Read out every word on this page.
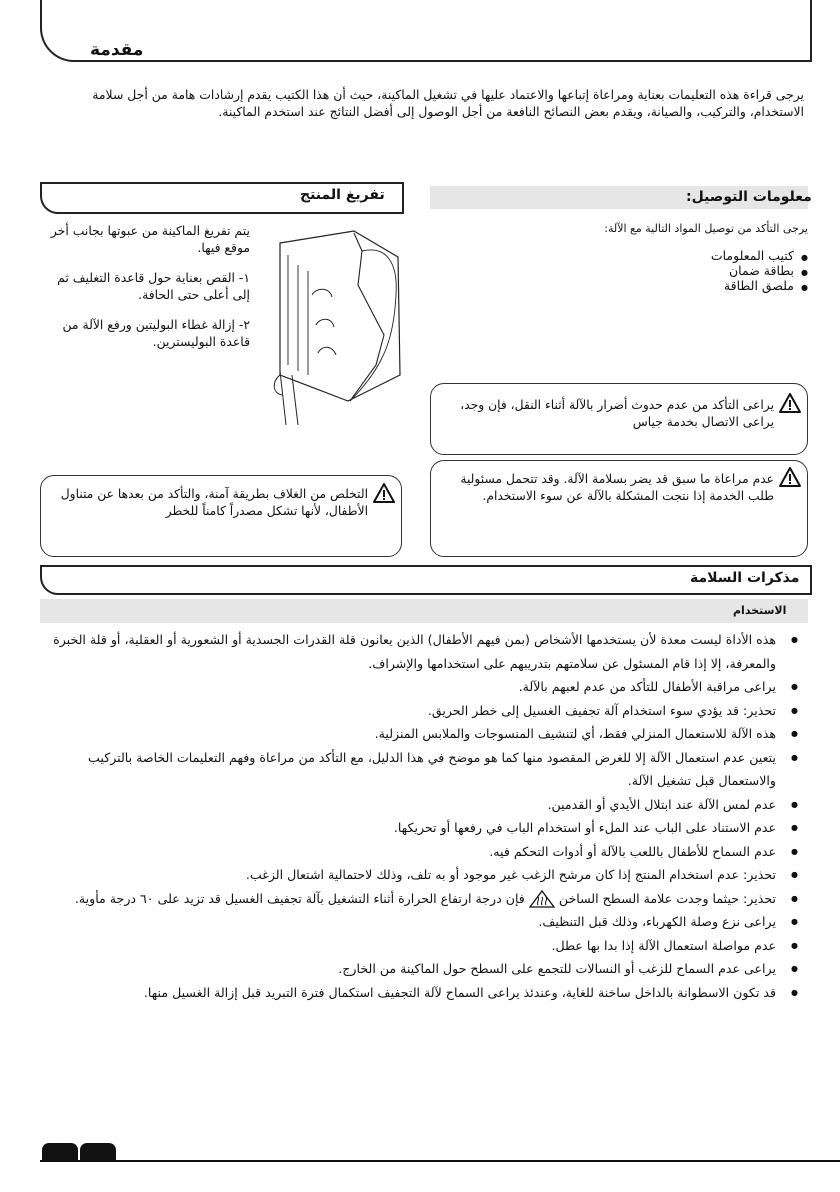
مقدمة
يرجى قراءة هذه التعليمات بعناية ومراعاة إتباعها والاعتماد عليها في تشغيل الماكينة، حيث أن هذا الكتيب يقدم إرشادات هامة من أجل سلامة الاستخدام، والتركيب، والصيانة، ويقدم بعض النصائح النافعة من أجل الوصول إلى أفضل النتائج عند استخدم الماكينة.
تفريغ المنتج

يتم تفريغ الماكينة من عبوتها بجانب أخر موقع فيها.

١- القص بعناية حول قاعدة التغليف ثم إلى أعلى حتى الحافة.

٢- إزالة غطاء البوليتين ورفع الآلة من قاعدة البوليسترين.

معلومات التوصيل:
يرجى التأكد من توصيل المواد التالية مع الآلة:
● كتيب المعلومات
● بطاقة ضمان
● ملصق الطاقة
يراعى التأكد من عدم حدوث أضرار بالآلة أثناء النقل، فإن وجد، يراعى الاتصال بخدمة جياس
عدم مراعاة ما سبق قد يضر بسلامة الآلة. وقد تتحمل مسئولية طلب الخدمة إذا نتجت المشكلة بالآلة عن سوء الاستخدام.
التخلص من الغلاف بطريقة آمنة، والتأكد من بعدها عن متناول الأطفال، لأنها تشكل مصدراً كامناً للخطر
مذكرات السلامة
الاستخدام
● هذه الأداة ليست معدة لأن يستخدمها الأشخاص (بمن فيهم الأطفال) الذين يعانون قلة القدرات الجسدية أو الشعورية أو العقلية، أو قلة الخبرة والمعرفة، إلا إذا قام المسئول عن سلامتهم بتدريبهم على استخدامها والإشراف.
● يراعى مراقبة الأطفال للتأكد من عدم لعبهم بالآلة.
● تحذير: قد يؤدي سوء استخدام آلة تجفيف الغسيل إلى خطر الحريق.
● هذه الآلة للاستعمال المنزلي فقط، أي لتنشيف المنسوجات والملابس المنزلية.
● يتعين عدم استعمال الآلة إلا للغرض المقصود منها كما هو موضح في هذا الدليل، مع التأكد من مراعاة وفهم التعليمات الخاصة بالتركيب والاستعمال قبل تشغيل الآلة.
● عدم لمس الآلة عند ابتلال الأيدي أو القدمين.
● عدم الاستناد على الباب عند الملء أو استخدام الباب في رفعها أو تحريكها.
● عدم السماح للأطفال باللعب بالآلة أو أدوات التحكم فيه.
● تحذير: عدم استخدام المنتج إذا كان مرشح الزغب غير موجود أو به تلف، وذلك لاحتمالية اشتعال الزغب.
● تحذير: حيثما وجدت علامة السطح الساخن  فإن درجة ارتفاع الحرارة أثناء التشغيل بآلة تجفيف الغسيل قد تزيد على ٦٠ درجة مأوية.
● يراعى نزع وصلة الكهرباء، وذلك قبل التنظيف.
● عدم مواصلة استعمال الآلة إذا بدا بها عطل.
● يراعى عدم السماح للزغب أو النسالات للتجمع على السطح حول الماكينة من الخارج.
● قد تكون الاسطوانة بالداخل ساخنة للغاية، وعندئذ يراعى السماح لآلة التجفيف استكمال فترة التبريد قبل إزالة الغسيل منها.
